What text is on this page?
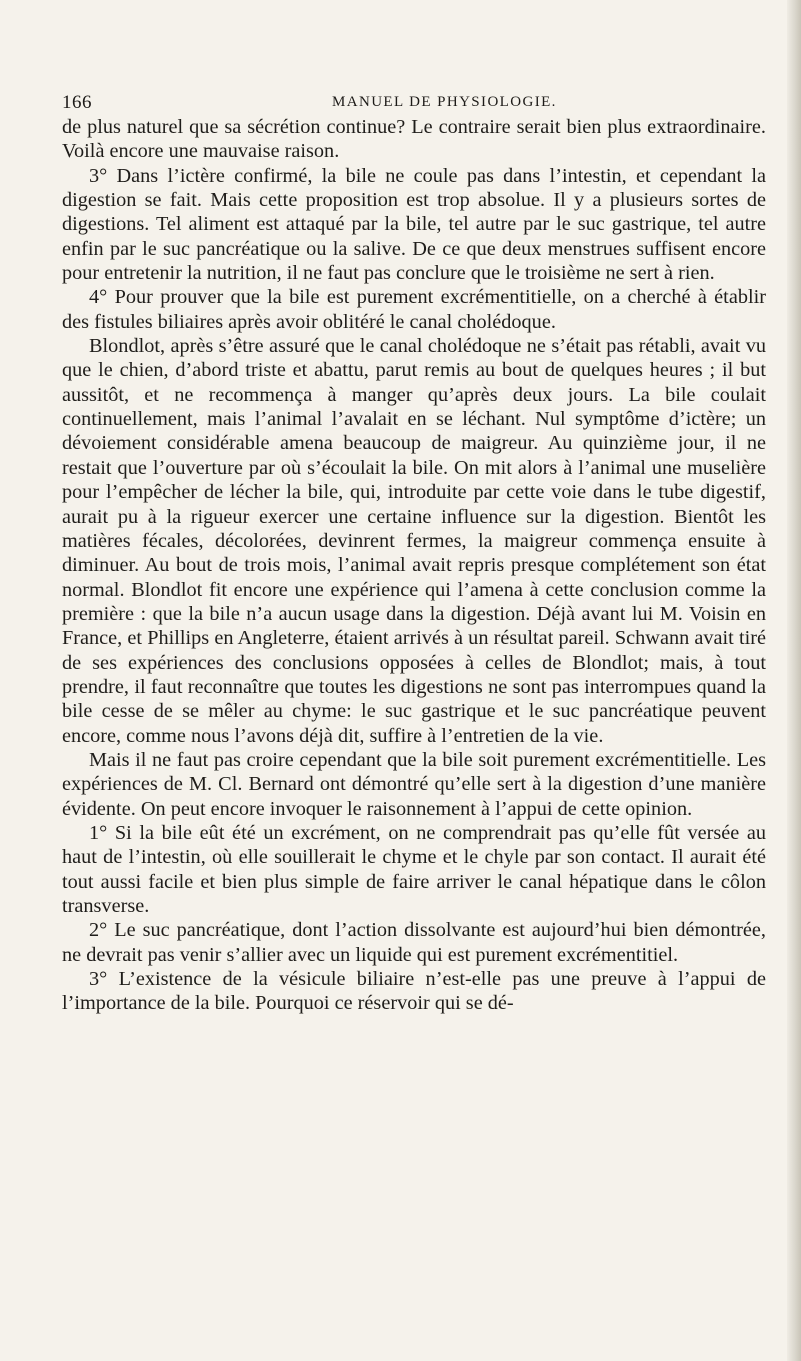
166	MANUEL DE PHYSIOLOGIE.

de plus naturel que sa sécrétion continue? Le contraire serait bien plus extraordinaire. Voilà encore une mauvaise raison.

3° Dans l’ictère confirmé, la bile ne coule pas dans l’intestin, et cependant la digestion se fait. Mais cette proposition est trop absolue. Il y a plusieurs sortes de digestions. Tel aliment est attaqué par la bile, tel autre par le suc gastrique, tel autre enfin par le suc pancréatique ou la salive. De ce que deux menstrues suffisent encore pour entretenir la nutrition, il ne faut pas conclure que le troisième ne sert à rien.

4° Pour prouver que la bile est purement excrémentitielle, on a cherché à établir des fistules biliaires après avoir oblitéré le canal cholédoque.

Blondlot, après s’être assuré que le canal cholédoque ne s’était pas rétabli, avait vu que le chien, d’abord triste et abattu, parut remis au bout de quelques heures ; il but aussitôt, et ne recommença à manger qu’après deux jours. La bile coulait continuellement, mais l’animal l’avalait en se léchant. Nul symptôme d’ictère; un dévoiement considérable amena beaucoup de maigreur. Au quinzième jour, il ne restait que l’ouverture par où s’écoulait la bile. On mit alors à l’animal une muselière pour l’empêcher de lécher la bile, qui, introduite par cette voie dans le tube digestif, aurait pu à la rigueur exercer une certaine influence sur la digestion. Bientôt les matières fécales, décolorées, devinrent fermes, la maigreur commença ensuite à diminuer. Au bout de trois mois, l’animal avait repris presque complétement son état normal. Blondlot fit encore une expérience qui l’amena à cette conclusion comme la première : que la bile n’a aucun usage dans la digestion. Déjà avant lui M. Voisin en France, et Phillips en Angleterre, étaient arrivés à un résultat pareil. Schwann avait tiré de ses expériences des conclusions opposées à celles de Blondlot; mais, à tout prendre, il faut reconnaître que toutes les digestions ne sont pas interrompues quand la bile cesse de se mêler au chyme: le suc gastrique et le suc pancréatique peuvent encore, comme nous l’avons déjà dit, suffire à l’entretien de la vie.

Mais il ne faut pas croire cependant que la bile soit purement excrémentitielle. Les expériences de M. Cl. Bernard ont démontré qu’elle sert à la digestion d’une manière évidente. On peut encore invoquer le raisonnement à l’appui de cette opinion.

1° Si la bile eût été un excrément, on ne comprendrait pas qu’elle fût versée au haut de l’intestin, où elle souillerait le chyme et le chyle par son contact. Il aurait été tout aussi facile et bien plus simple de faire arriver le canal hépatique dans le côlon transverse.

2° Le suc pancréatique, dont l’action dissolvante est aujourd’hui bien démontrée, ne devrait pas venir s’allier avec un liquide qui est purement excrémentitiel.

3° L’existence de la vésicule biliaire n’est-elle pas une preuve à l’appui de l’importance de la bile. Pourquoi ce réservoir qui se dé-
